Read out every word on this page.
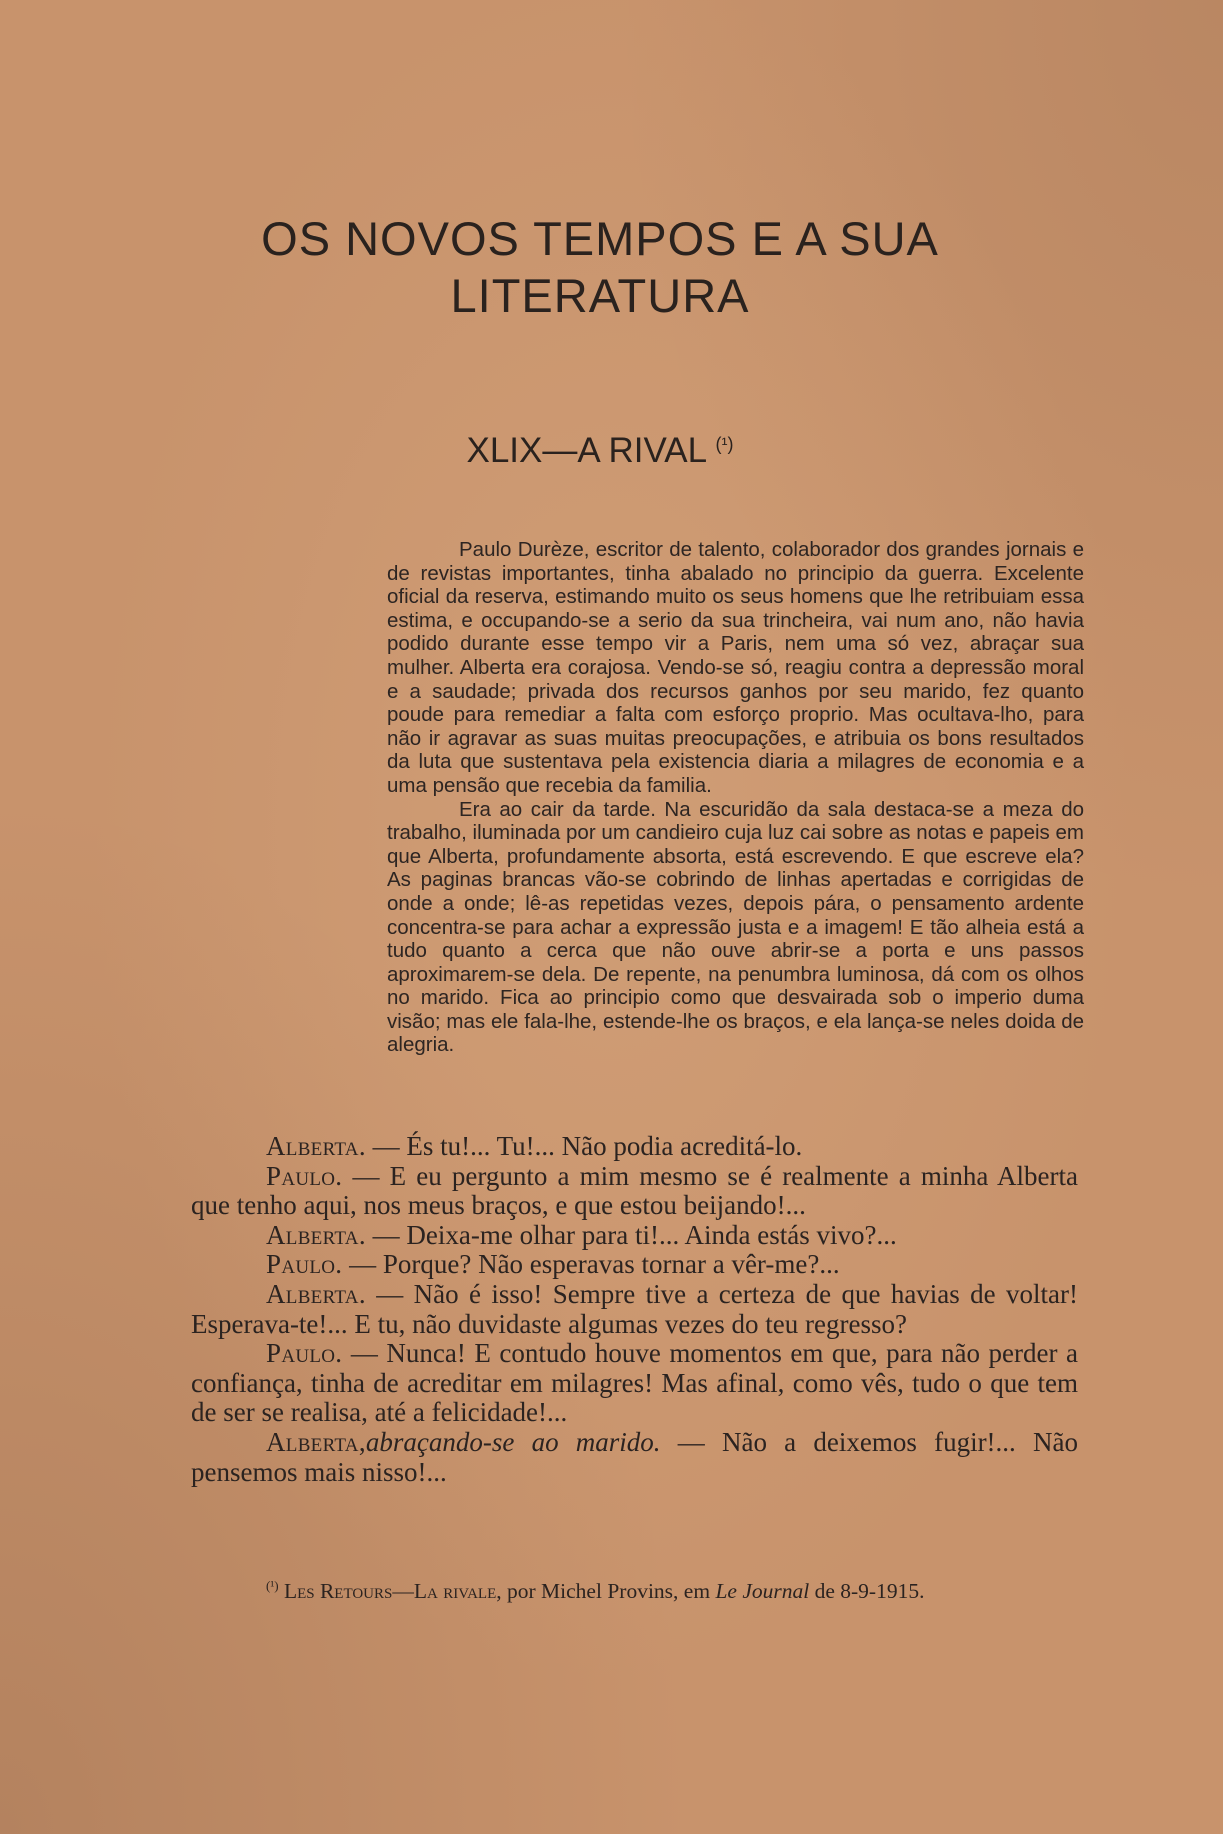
OS NOVOS TEMPOS E A SUA
LITERATURA
XLIX—A RIVAL $^{(^1)}$

Paulo Durèze, escritor de talento, colaborador dos grandes jornais e de revistas importantes, tinha abalado no principio da guerra. Excelente oficial da reserva, estimando muito os seus homens que lhe retribuiam essa estima, e occupando-se a serio da sua trincheira, vai num ano, não havia podido durante esse tempo vir a Paris, nem uma só vez, abraçar sua mulher. Alberta era corajosa. Vendo-se só, reagiu contra a depressão moral e a saudade; privada dos recursos ganhos por seu marido, fez quanto poude para remediar a falta com esforço proprio. Mas ocultava-lho, para não ir agravar as suas muitas preocupações, e atribuia os bons resultados da luta que sustentava pela existencia diaria a milagres de economia e a uma pensão que recebia da familia.

Era ao cair da tarde. Na escuridão da sala destaca-se a meza do trabalho, iluminada por um candieiro cuja luz cai sobre as notas e papeis em que Alberta, profundamente absorta, está escrevendo. E que escreve ela? As paginas brancas vão-se cobrindo de linhas apertadas e corrigidas de onde a onde; lê-as repetidas vezes, depois pára, o pensamento ardente concentra-se para achar a expressão justa e a imagem! E tão alheia está a tudo quanto a cerca que não ouve abrir-se a porta e uns passos aproximarem-se dela. De repente, na penumbra luminosa, dá com os olhos no marido. Fica ao principio como que desvairada sob o imperio duma visão; mas ele fala-lhe, estende-lhe os braços, e ela lança-se neles doida de alegria.

Alberta. — És tu!... Tu!... Não podia acreditá-lo.

Paulo. — E eu pergunto a mim mesmo se é realmente a minha Alberta que tenho aqui, nos meus braços, e que estou beijando!...

Alberta. — Deixa-me olhar para ti!... Ainda estás vivo?...

Paulo. — Porque? Não esperavas tornar a vêr-me?...

Alberta. — Não é isso! Sempre tive a certeza de que havias de voltar! Esperava-te!... E tu, não duvidaste algumas vezes do teu regresso?

Paulo. — Nunca! E contudo houve momentos em que, para não perder a confiança, tinha de acreditar em milagres! Mas afinal, como vês, tudo o que tem de ser se realisa, até a felicidade!...

Alberta,abraçando-se ao marido. — Não a deixemos fugir!... Não pensemos mais nisso!...

$^{(^1)}$ Les Retours—La rivale, por Michel Provins, em Le Journal de 8-9-1915.
